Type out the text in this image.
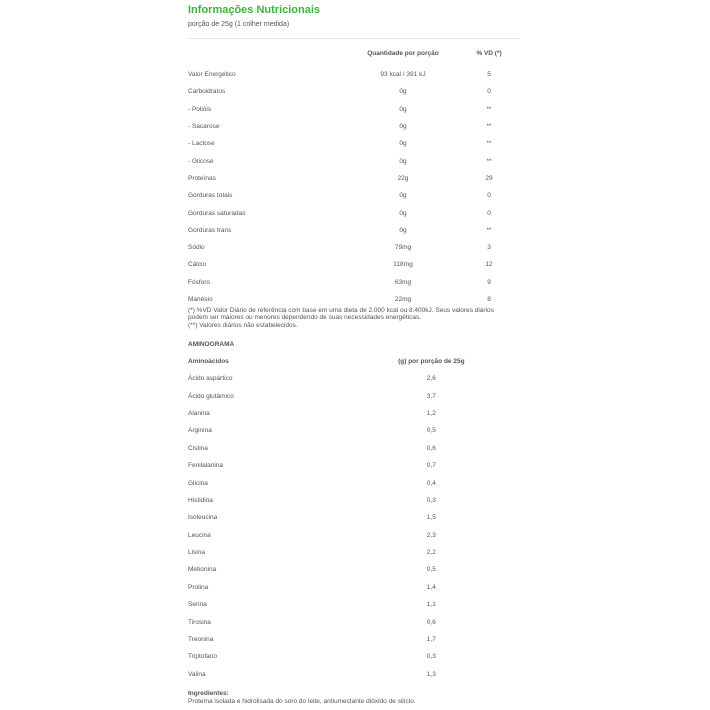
Informações Nutricionais
porção de 25g (1 colher medida)
	Quantidade por porção	% VD (*)
Valor Energético	93 kcal / 391 kJ	5
Carboidratos	0g	0
- Polióis	0g	**
- Sacarose	0g	**
- Lactose	0g	**
- Glicose	0g	**
Proteínas	22g	29
Gorduras totais	0g	0
Gorduras saturadas	0g	0
Gorduras trans	0g	**
Sódio	79mg	3
Cálcio	118mg	12
Fósforo	63mg	9
Manésio	22mg	8
(*) %VD Valor Diário de referência com base em uma dieta de 2.000 kcal ou 8.400kJ. Seus valores diários
podem ser maiores ou menores dependendo de suas necessidades energéticas.
(**) Valores diários não estabelecidos.
AMINOGRAMA
Aminoácidos	(g) por porção de 25g
Ácido aspártico	2,6
Ácido glutâmico	3,7
Alanina	1,2
Arginina	0,5
Cistina	0,6
Fenilalanina	0,7
Glicina	0,4
Histidina	0,3
Isoleucina	1,5
Leucina	2,3
Lisina	2,2
Metionina	0,5
Prolina	1,4
Serina	1,1
Tirosina	0,6
Treonina	1,7
Triptofano	0,3
Valina	1,3
Ingredientes:
Proteína isolada e hidrolisada do soro do leite, antiumectante dióxido de silício.
